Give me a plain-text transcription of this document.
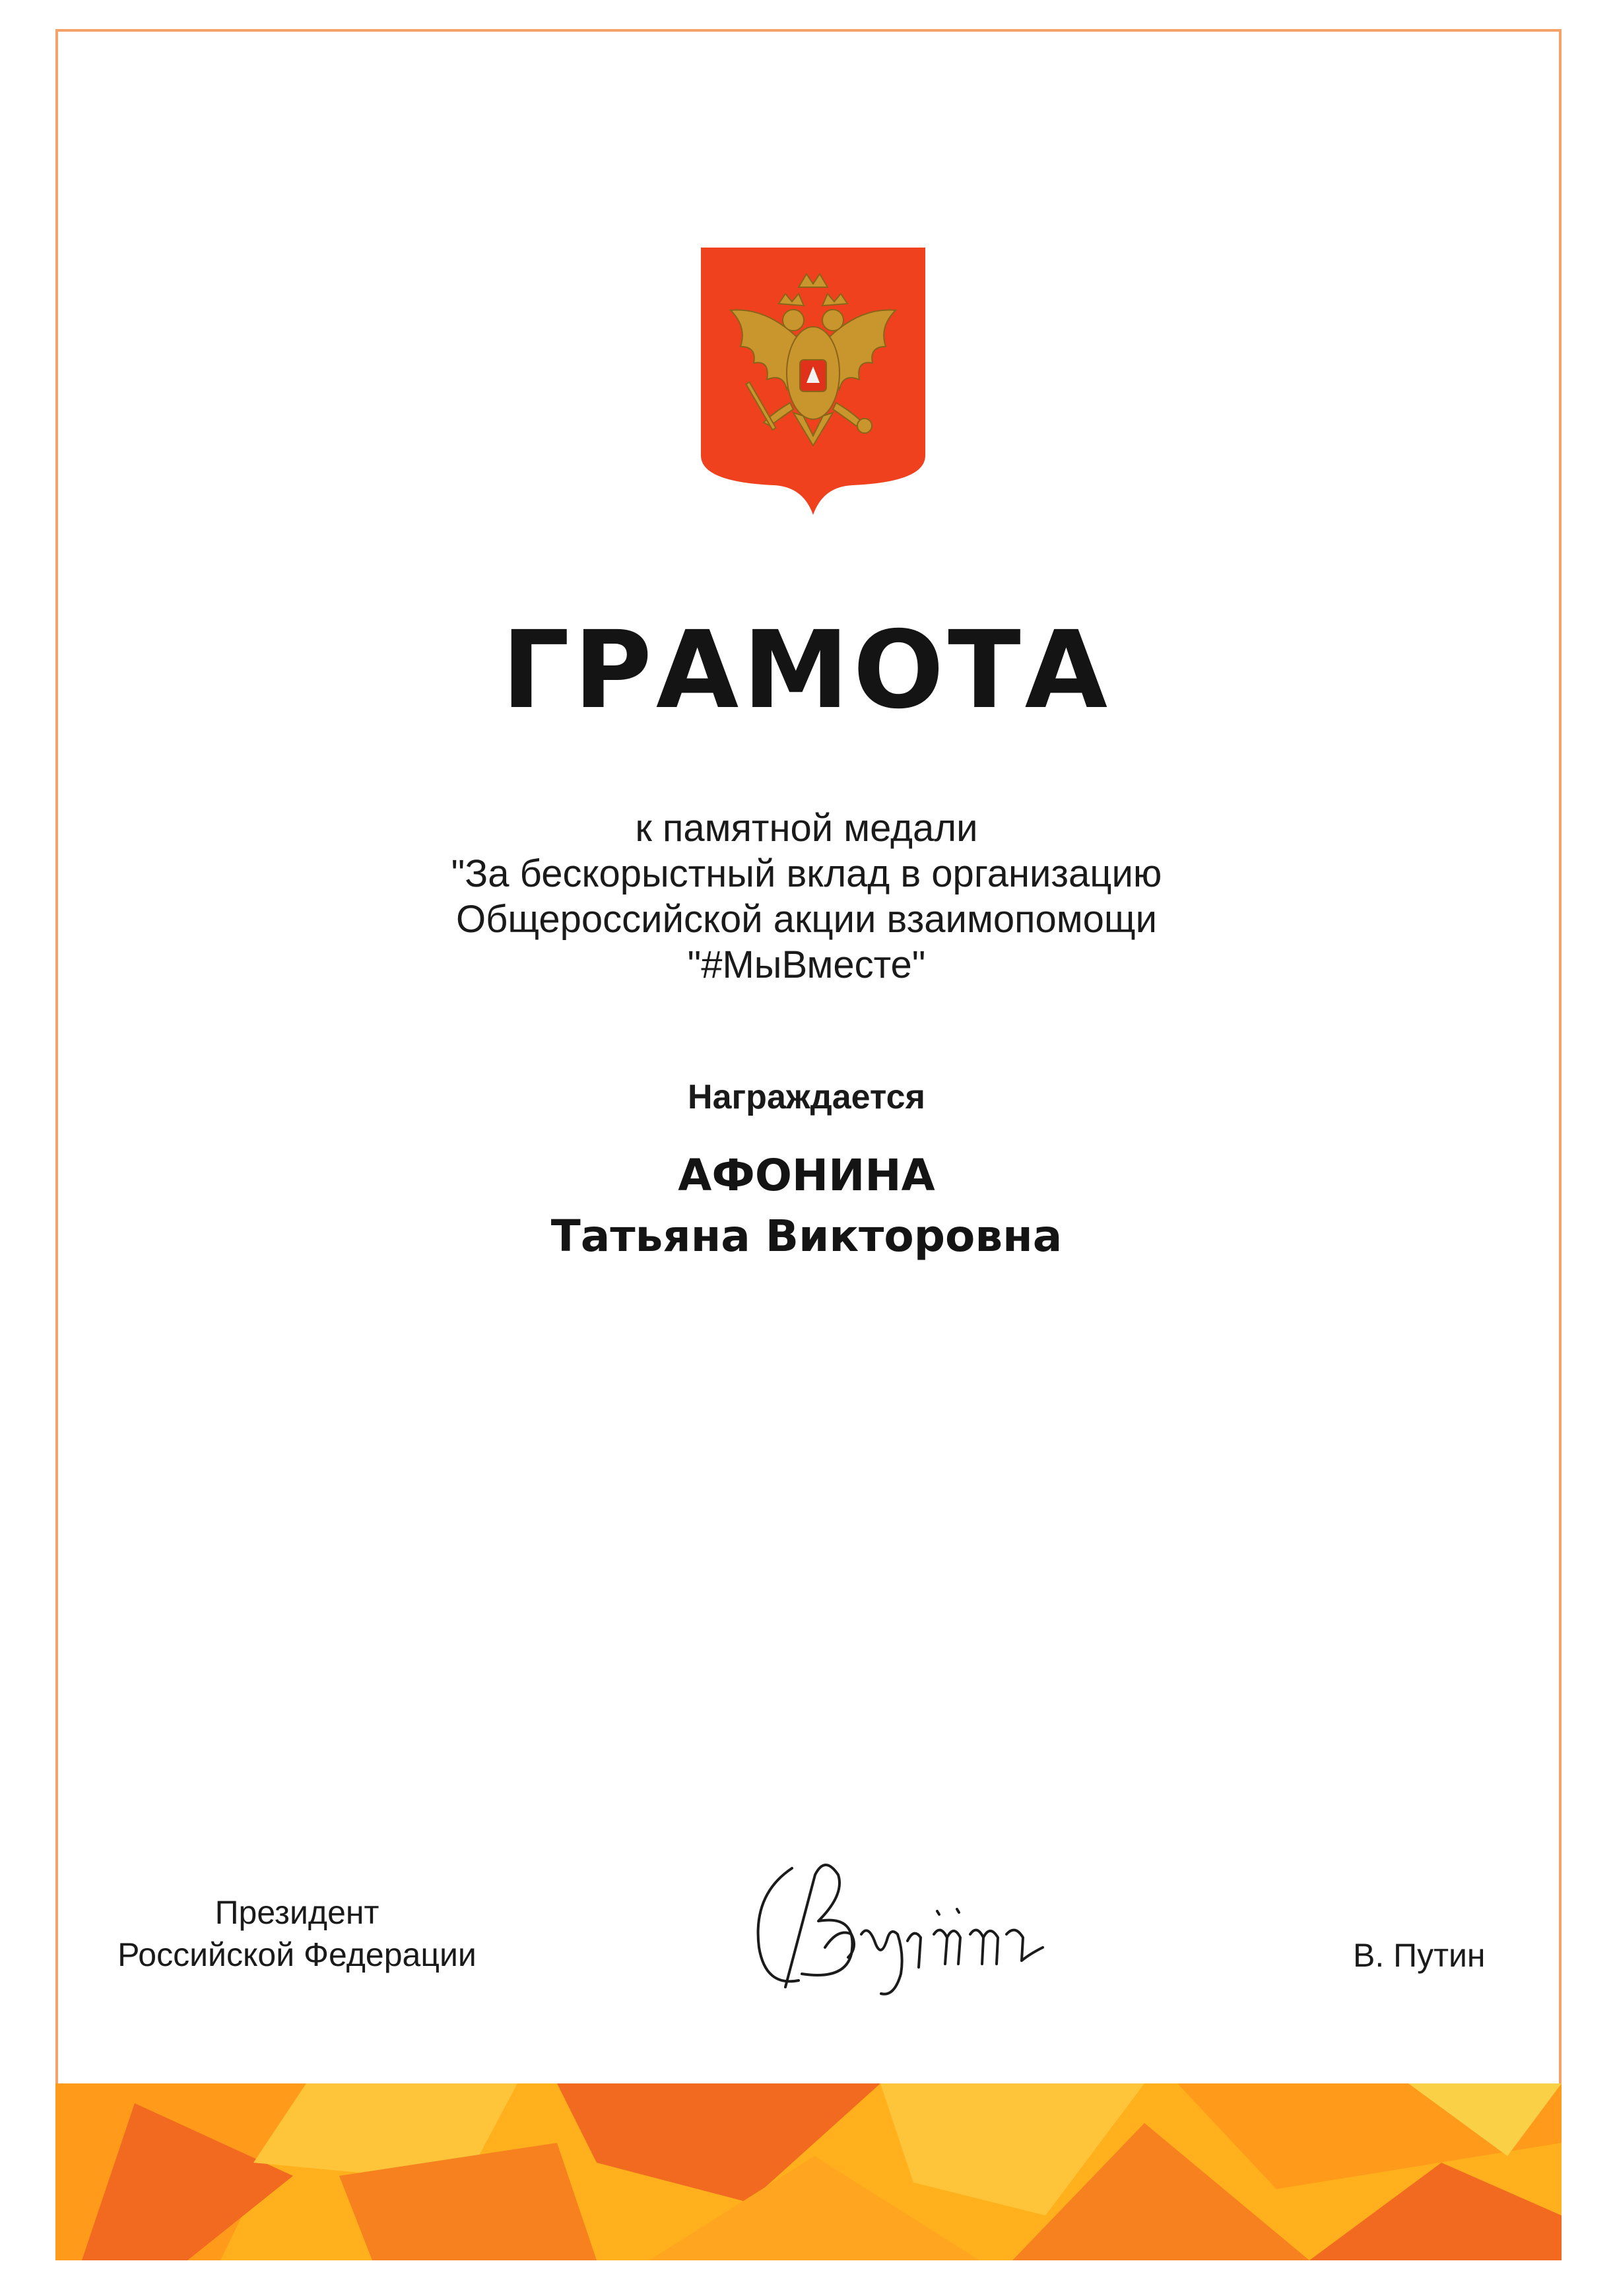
ГРАМОТА
к памятной медали
"За бескорыстный вклад в организацию
Общероссийской акции взаимопомощи
"#МыВместе"
Награждается
АФОНИНА
Татьяна Викторовна
Президент
Российской Федерации	В. Путин
